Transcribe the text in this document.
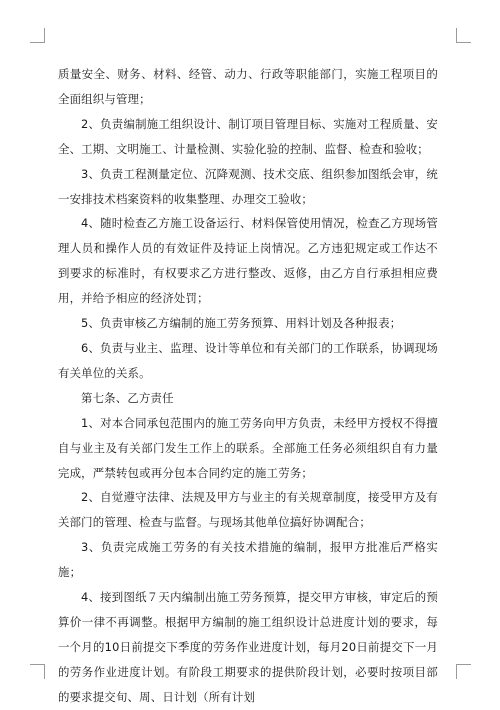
质量安全、财务、材料、经管、动力、行政等职能部门，实施工程项目的全面组织与管理；

2、负责编制施工组织设计、制订项目管理目标、实施对工程质量、安全、工期、文明施工、计量检测、实验化验的控制、监督、检查和验收；

3、负责工程测量定位、沉降观测、技术交底、组织参加图纸会审，统一安排技术档案资料的收集整理、办理交工验收；

4、随时检查乙方施工设备运行、材料保管使用情况，检查乙方现场管理人员和操作人员的有效证件及持证上岗情况。乙方违犯规定或工作达不到要求的标准时，有权要求乙方进行整改、返修，由乙方自行承担相应费用，并给予相应的经济处罚；

5、负责审核乙方编制的施工劳务预算、用料计划及各种报表；

6、负责与业主、监理、设计等单位和有关部门的工作联系，协调现场有关单位的关系。

第七条、乙方责任

1、对本合同承包范围内的施工劳务向甲方负责，未经甲方授权不得擅自与业主及有关部门发生工作上的联系。全部施工任务必须组织自有力量完成，严禁转包或再分包本合同约定的施工劳务；

2、自觉遵守法律、法规及甲方与业主的有关规章制度，接受甲方及有关部门的管理、检查与监督。与现场其他单位搞好协调配合；

3、负责完成施工劳务的有关技术措施的编制，报甲方批准后严格实施；

4、接到图纸７天内编制出施工劳务预算，提交甲方审核，审定后的预算价一律不再调整。根据甲方编制的施工组织设计总进度计划的要求，每一个月的10日前提交下季度的劳务作业进度计划，每月20日前提交下一月的劳务作业进度计划。有阶段工期要求的提供阶段计划，必要时按项目部的要求提交旬、周、日计划（所有计划
